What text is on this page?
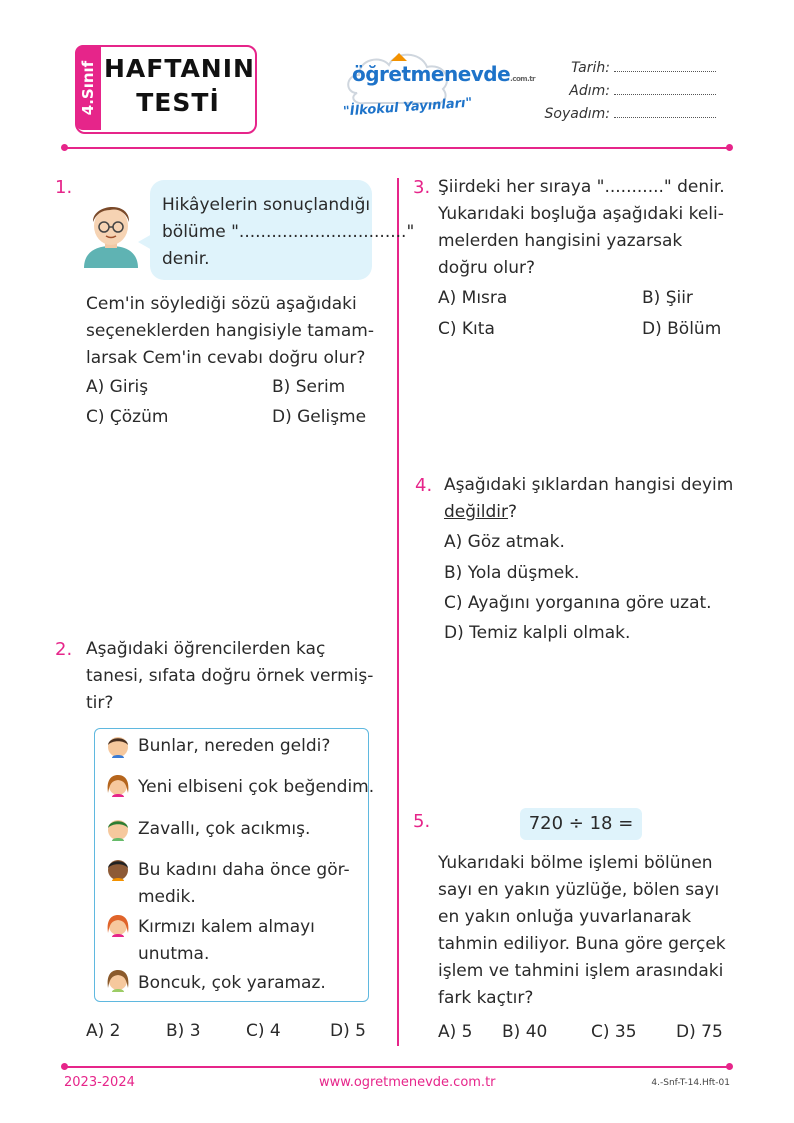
4.Sınıf HAFTANIN
TESTİ
öğretmenevde.com.tr
"İlkokul Yayınları"
Tarih:
Adım:
Soyadım:
1.
Hikâyelerin sonuçlandığı
bölüme "..............................."
denir.
Cem'in söylediği sözü aşağıdaki
seçeneklerden hangisiyle tamam-
larsak Cem'in cevabı doğru olur?
A) Giriş	B) Serim
C) Çözüm	D) Gelişme
2. Aşağıdaki öğrencilerden kaç
tanesi, sıfata doğru örnek vermiş-
tir?
Bunlar, nereden geldi?
Yeni elbiseni çok beğendim.
Zavallı, çok acıkmış.
Bu kadını daha önce gör-
medik.
Kırmızı kalem almayı
unutma.
Boncuk, çok yaramaz.
A) 2	B) 3	C) 4	D) 5
3. Şiirdeki her sıraya "..........." denir.
Yukarıdaki boşluğa aşağıdaki keli-
melerden hangisini yazarsak
doğru olur?
A) Mısra	B) Şiir
C) Kıta	D) Bölüm
4. Aşağıdaki şıklardan hangisi deyim
değildir?
A) Göz atmak.
B) Yola düşmek.
C) Ayağını yorganına göre uzat.
D) Temiz kalpli olmak.
5.	720 ÷ 18 =
Yukarıdaki bölme işlemi bölünen
sayı en yakın yüzlüğe, bölen sayı
en yakın onluğa yuvarlanarak
tahmin ediliyor. Buna göre gerçek
işlem ve tahmini işlem arasındaki
fark kaçtır?
A) 5 B) 40	C) 35 D) 75
2023-2024	www.ogretmenevde.com.tr	4.-Snf-T-14.Hft-01
